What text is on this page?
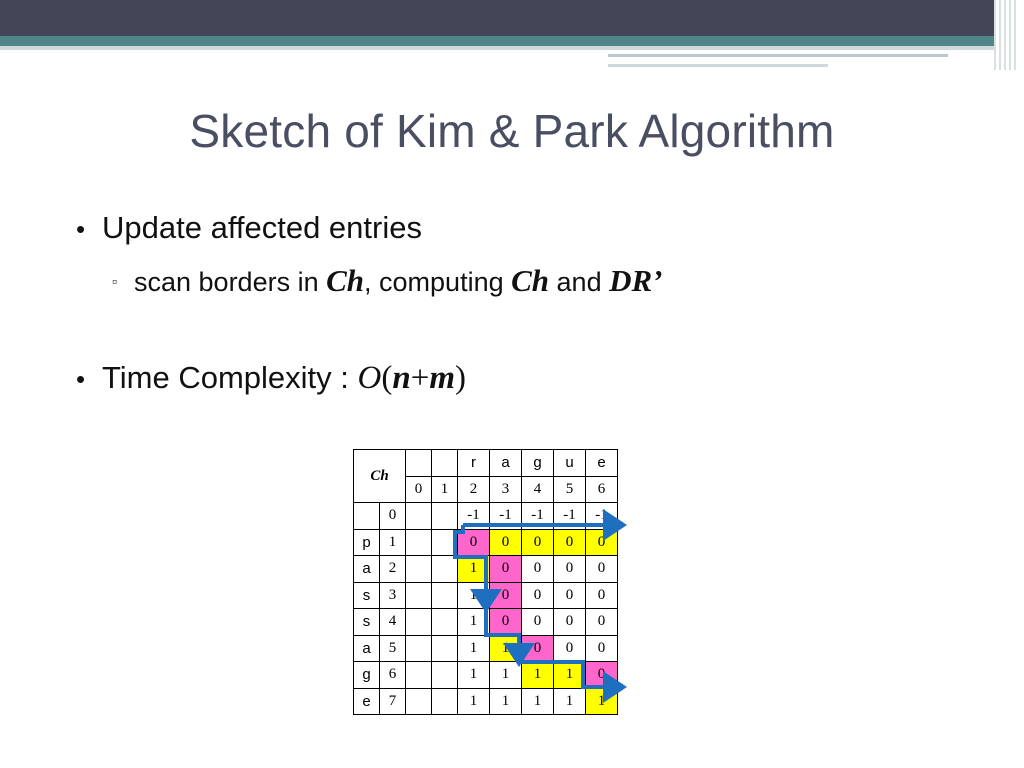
Sketch of Kim & Park Algorithm
• Update affected entries
▫ scan borders in Ch, computing Ch and DR’
• Time Complexity : O(n+m)
Ch				r	a	g	u	e
		0	1	2	3	4	5	6
	0			-1	-1	-1	-1	-1
p	1			0	0	0	0	0
a	2			1	0	0	0	0
s	3			1	0	0	0	0
s	4			1	0	0	0	0
a	5			1	1	0	0	0
g	6			1	1	1	1	0
e	7			1	1	1	1	1
